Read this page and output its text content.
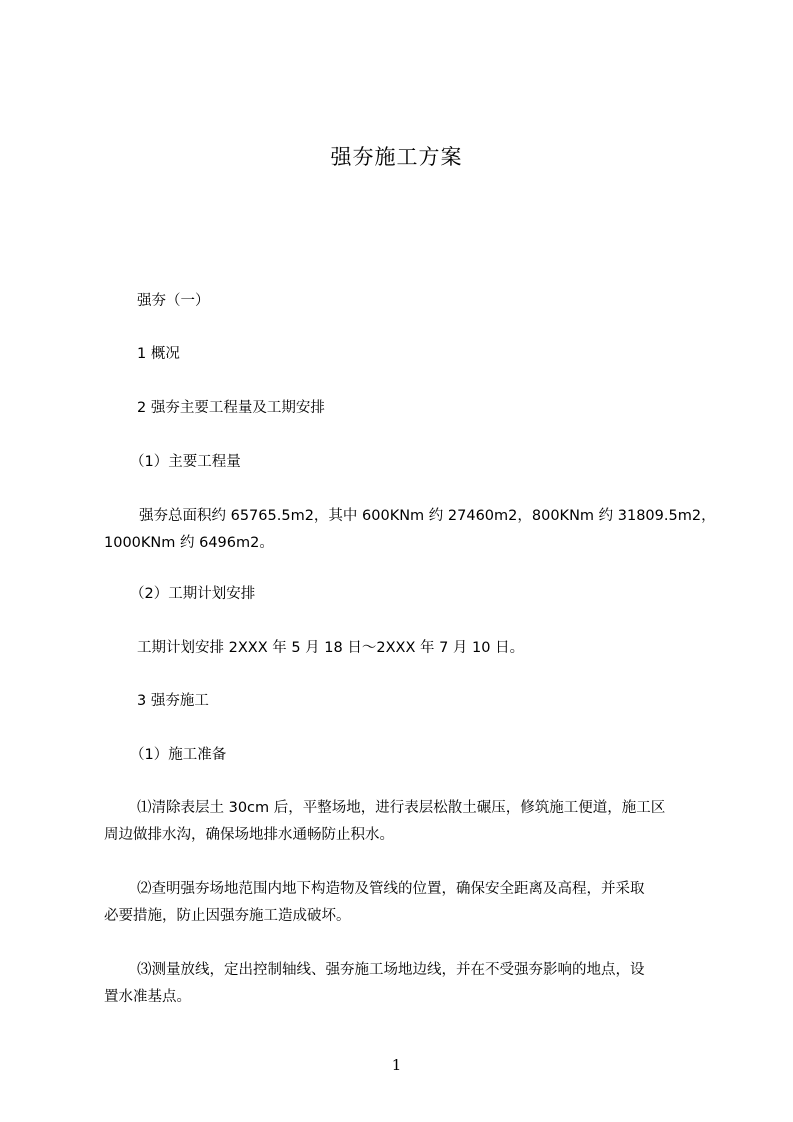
强夯施工方案
强夯（一）
1 概况
2 强夯主要工程量及工期安排
（1）主要工程量
强夯总面积约 65765.5m2，其中 600KNm 约 27460m2，800KNm 约 31809.5m2，
1000KNm 约 6496m2。
（2）工期计划安排
工期计划安排 2XXX 年 5 月 18 日～2XXX 年 7 月 10 日。
3 强夯施工
（1）施工准备
⑴清除表层土 30cm 后，平整场地，进行表层松散土碾压，修筑施工便道，施工区
周边做排水沟，确保场地排水通畅防止积水。
⑵查明强夯场地范围内地下构造物及管线的位置，确保安全距离及高程，并采取
必要措施，防止因强夯施工造成破坏。
⑶测量放线，定出控制轴线、强夯施工场地边线，并在不受强夯影响的地点，设
置水准基点。
1
